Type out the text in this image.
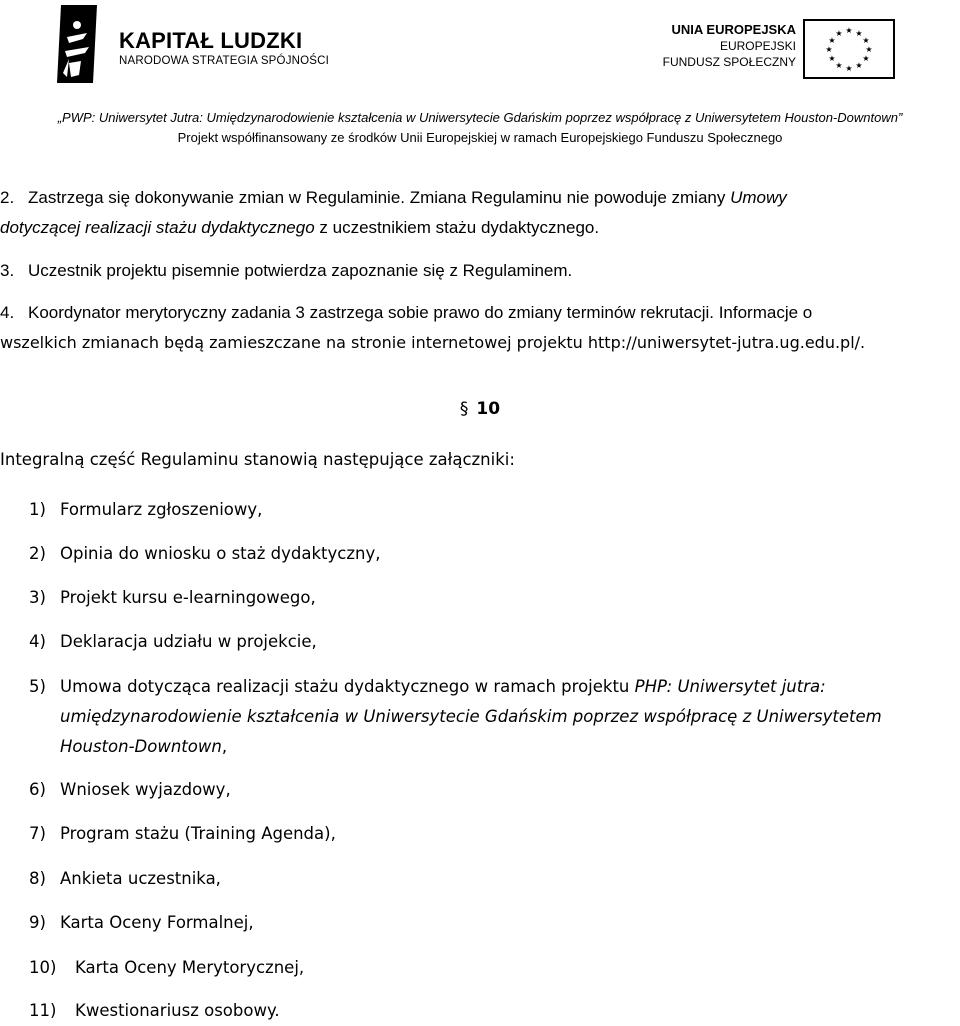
KAPITAŁ LUDZKI
NARODOWA STRATEGIA SPÓJNOŚCI
UNIA EUROPEJSKA
EUROPEJSKI
FUNDUSZ SPOŁECZNY
★ ★
★
★
★
★
★
★
★
★
★
★
„PWP: Uniwersytet Jutra: Umiędzynarodowienie kształcenia w Uniwersytecie Gdańskim poprzez współpracę z Uniwersytetem Houston-Downtown”
Projekt współfinansowany ze środków Unii Europejskiej w ramach Europejskiego Funduszu Społecznego
2. Zastrzega się dokonywanie zmian w Regulaminie. Zmiana Regulaminu nie powoduje zmiany Umowy
dotyczącej realizacji stażu dydaktycznego z uczestnikiem stażu dydaktycznego.
3. Uczestnik projektu pisemnie potwierdza zapoznanie się z Regulaminem.
4. Koordynator merytoryczny zadania 3 zastrzega sobie prawo do zmiany terminów rekrutacji. Informacje o
wszelkich zmianach będą zamieszczane na stronie internetowej projektu http://uniwersytet-jutra.ug.edu.pl/.
§ 10
Integralną część Regulaminu stanowią następujące załączniki:
1) Formularz zgłoszeniowy,
2) Opinia do wniosku o staż dydaktyczny,
3) Projekt kursu e-learningowego,
4) Deklaracja udziału w projekcie,
5) Umowa dotycząca realizacji stażu dydaktycznego w ramach projektu PHP: Uniwersytet jutra:
umiędzynarodowienie kształcenia w Uniwersytecie Gdańskim poprzez współpracę z Uniwersytetem
Houston-Downtown,
6) Wniosek wyjazdowy,
7) Program stażu (Training Agenda),
8) Ankieta uczestnika,
9) Karta Oceny Formalnej,
10) Karta Oceny Merytorycznej,
11) Kwestionariusz osobowy.
